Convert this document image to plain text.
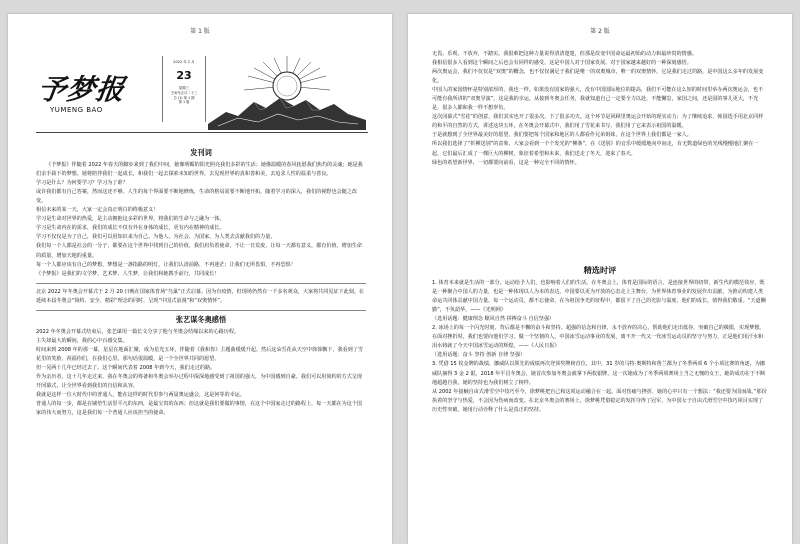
第 1 版
予梦报
YUMENG BAO
2022 年 2 月
23
星期三
壬寅年正月二十三
总 (1) 第 1 期
第 1 版
发刊词

《予梦报》伴随着 2022 年春天的脚步来到了我们中间，她像明媚的阳光照亮我们多彩的生活；她像温暖的春风抚慰我们焦灼的灵魂；她是我们亲手栽下的梦想，她将陪伴我们一起成长，和我们一起去探索未知的世界，去见现世界的真和善和美，去追求人性的温柔与善良。

学习是什么？为何要学习？学习为了谁？

或许我们都有自己答案，然而这还不够。人生的每个界面要不断地修炼，生命的格局需要不断地开拓，随着学习的深入，我们的视野也会随之改变。

相信未来的某一天，大家一定会真正明白的终极意义！

学习是生命对世界的热爱，是主动拥抱这多彩的世界，将我们的生命与之融为一体。

学习是生命内在的需求，我们的成长不仅有外在身体的成长，更有内在精神的成长。

学习不仅仅是为了自己，我们可以用知识来为自己、为他人、为社会、为国家、为人类去贡献我们的力量。

我们每一个人都是社会的一分子，都要在这个世界中找到自己的价值，我们肩负着使命，不让一日荒废，让每一天都有意义，都有价值，增加生命的质量，增加天地的重量。

每一个人都应该有自己的梦想，梦想是一盏指路的明灯，让我们认清前路，不再迷茫；让我们无所畏惧，不再恐惧！

《予梦报》是我们的文学梦、艺术梦、人生梦，让我们和她携手前行，共同成长！

北京 2022 年冬奥会开幕式于 2 月 20 日晚在国家体育场“鸟巢”正式启幕。因为有疫情，但现场仍然有一千多名观众，大家将共同见证下此刻。在延续本届冬奥会“简约、安全、精彩”理念的同时，呈现“中国式浪漫”和“双奥情怀”。

张艺谋冬奥感悟

2022 年冬奥会开幕式结束后，张艺谋用一篇长文分享了他与冬奥会结缘以来的心路历程。

主失却最大的瞬间，我的心中百感交集。

时间来到 2008 年的那一幕，星星在地面汇聚，成为星光五环，伴随着《我和你》主题曲缓缓升起。然后这朵雪花从天空中徐徐飘下，我看到了雪花里的笑脸，祝福你们，在我们心里。那句话很温暖，是一个全世界共同的愿望。

但一晃两十几年已经过去了。这个瞬间代表着 2008 年到今天，我们走过的路。

作为亲历者，这十几年走过来，我在冬奥会的筹备和冬奥会举办过程中深深地感受到了祖国的强大，为中国感到自豪。我们可以用简约的方式呈现开闭幕式，让全世界看到我们的自信和从容。

我就是这样一位大时代中的普通人，能在这样的时代里参与两届奥运盛会，这是何等的幸运。

普通人的每一步，都是在铺垫生活里平凡的东西，是最宝贵的东西；但这就是我们要做的事情，在这个中国家走过的路程上，每一天都在为这个国家的伟大而努力，这是我们每一个普通人应该担当的使命。

第 2 版

无畏、乐观、不放弃，不踏实。我很难把这种力量说得清清楚楚，但那是改变中国命运最初始的动力和最珍贵的情感。

我相信很多人看到这个瞬间之后也会有同样的感受，这是中国人对于国家发展、对于国家越来越好的一种深刻感悟。

两次奥运会，我们不仅仅是“双奥”的概念，也不仅仅满足于我们是唯一的双奥城市，唯一的双奥情怀。它是我们走过的路，是中国这么多年的发展变化。

中国人的家国情怀是特别浓厚的，我也一样。如果没有国家的强大，没有中国国际地位的提高，我们不可能在这么短的时间里举办两次奥运会，也不可能有我所讲的“双奥导演”，这是我的幸运。从接到冬奥会任务，我就知道自己一定要全力以赴，不能懈怠，家国之间，还是国的事儿更大，不光是，很多人都和我一样不想辜负。

这次闭幕式“雪花”的创意，我们其实也开了很多次，下了很多功夫。这个环节是回顾里奥运会开始的现实动力；为了继续追求，韩国选手用北京同样的和平的自然的方式，讲述这块五环，在冬奥会开幕式中，我们用了雪花来书写，我们用了它来表示祖国的温暖。

于是就想到了全世界最美好的愿望，我们要把每个国家和地区的人都看作兄弟姐妹，在这个世界上我们都是一家人。

所以我们选择了“折柳送别”的意象，大家会看到一个个发光的“柳条”，在《送别》的音乐中缓缓地向中间走，有无数道绿色的光线慢慢地汇聚在一起，它们最后汇成了一棵巨大的柳树，象征着希望和未来，我们送走了冬天，迎来了春天。

绿色的希望新世界，一切都要向前看，这是一种完全不同的情怀。

精选时评

1. 体育本来就是生活的一部分，运动给予人们，也影响着人们的生活。在冬奥会上，体育是国际的语言，是连接世界的纽带，新生代的模范效应，既是一种聚合中国人的力量，也是一种体现以人为本的表达。中国要以更为开放的心态走上主舞台，为世界体育事业的发展作出贡献，为推动构建人类命运共同体贡献中国力量。每一个运动员，都不忘使命，在为祖国争光的征程中，都留下了自己的光影与温度，他们的成长，值得我们敬重。“天道酬勤”，不负韶华。——《光明网》

（选用话题：健康理念 顺风自然 拼搏奋斗 自信坚强）

2. 冰场上的每一个闪光时刻，背后都是不懈的奋斗和坚持。超强的信念和自律，永不放弃的决心，帮助他们走出低谷，突破自己的极限，实现梦想。在面对挫折时，我们也要向他们学习，做一个坚韧的人。中国冰雪运动事业的发展，离不开一代又一代冰雪运动员的坚守与努力，正是他们用汗水和泪水铸就了今天中国冰雪运动的辉煌。——《人民日报》

（选用话题：奋斗 坚持 创新 自律 坚强）

3. 凭借 15 枚金牌的战绩，挪威队以领先的成绩再次登顶奖牌榜首位，其中，31 岁的马特·奥斯特和鲁兰都为了冬季两项 6 个小项比赛的角逐，为挪威队摘得 3 金 2 银。2018 年平昌冬奥会，她首次参加冬奥会就拿下两枚银牌，这一次她成为了冬季两项赛场上当之无愧的女王，她的成功在于不断地超越自我，她的坚持也为我们树立了榜样。

从 2002 年接触自由式滑雪空中技巧至今，徐梦桃把自己和这项运动融合在一起。面对伤痛与挫折，她的心中只有一个想法：“我还要为国而战。”那份执着的坚守与热爱，不会因为伤病而改变。在北京冬奥会的赛场上，徐梦桃凭借稳定的发挥夺得了冠军，为中国女子自由式滑雪空中技巧项目实现了历史性突破，她用行动诠释了什么是真正的坚持。
